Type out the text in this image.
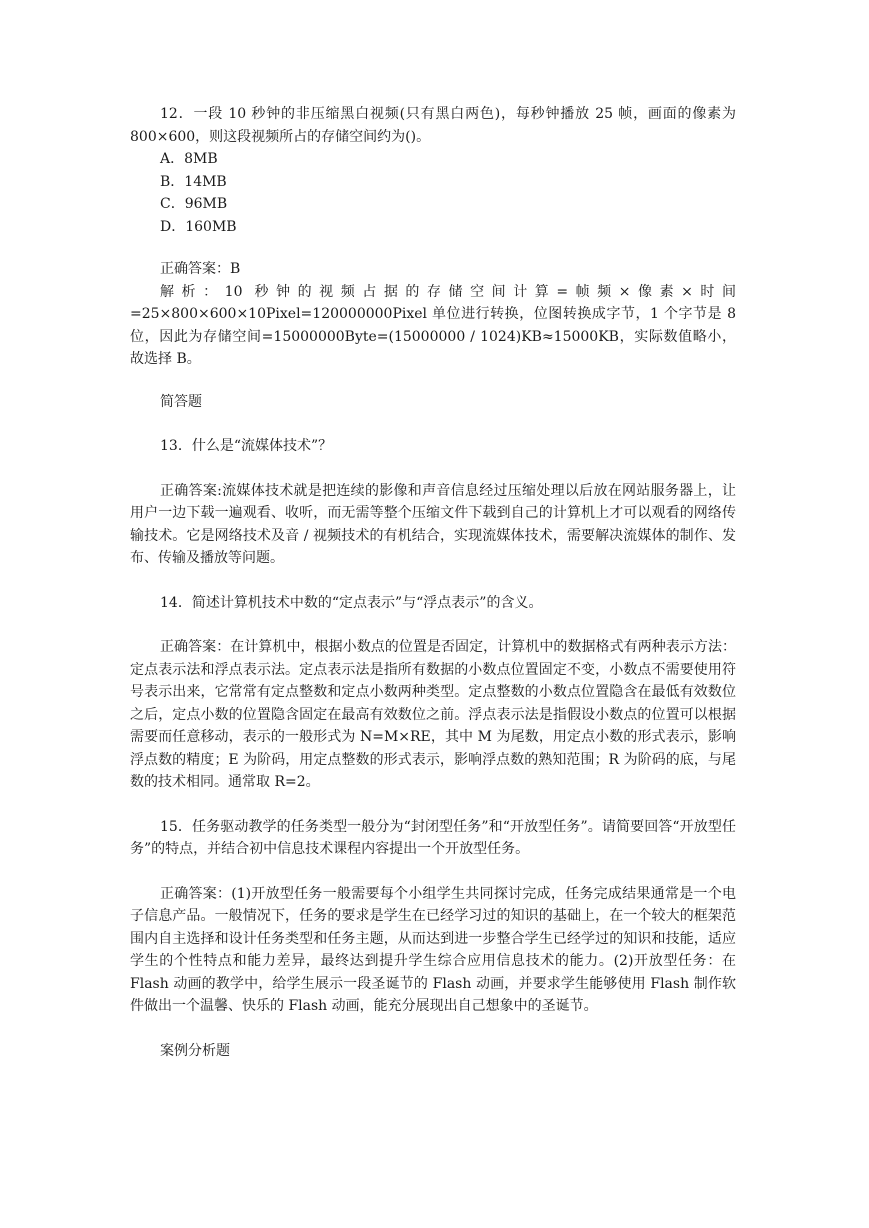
12．一段 10 秒钟的非压缩黑白视频(只有黑白两色)，每秒钟播放 25 帧，画面的像素为 800×600，则这段视频所占的存储空间约为()。

A．8MB

B．14MB

C．96MB

D．160MB

正确答案：B

解析：10 秒钟的视频占据的存储空间计算=帧频×像素×时间=25×800×600×10Pixel=120000000Pixel 单位进行转换，位图转换成字节，1 个字节是 8 位，因此为存储空间=15000000Byte=(15000000 / 1024)KB≈15000KB，实际数值略小，故选择 B。

简答题

13．什么是“流媒体技术”？

正确答案:流媒体技术就是把连续的影像和声音信息经过压缩处理以后放在网站服务器上，让用户一边下载一遍观看、收听，而无需等整个压缩文件下载到自己的计算机上才可以观看的网络传输技术。它是网络技术及音 / 视频技术的有机结合，实现流媒体技术，需要解决流媒体的制作、发布、传输及播放等问题。

14．简述计算机技术中数的“定点表示”与“浮点表示”的含义。

正确答案：在计算机中，根据小数点的位置是否固定，计算机中的数据格式有两种表示方法：定点表示法和浮点表示法。定点表示法是指所有数据的小数点位置固定不变，小数点不需要使用符号表示出来，它常常有定点整数和定点小数两种类型。定点整数的小数点位置隐含在最低有效数位之后，定点小数的位置隐含固定在最高有效数位之前。浮点表示法是指假设小数点的位置可以根据需要而任意移动，表示的一般形式为 N=M×RE，其中 M 为尾数，用定点小数的形式表示，影响浮点数的精度；E 为阶码，用定点整数的形式表示，影响浮点数的熟知范围；R 为阶码的底，与尾数的技术相同。通常取 R=2。

15．任务驱动教学的任务类型一般分为“封闭型任务”和“开放型任务”。请简要回答“开放型任务”的特点，并结合初中信息技术课程内容提出一个开放型任务。

正确答案：(1)开放型任务一般需要每个小组学生共同探讨完成，任务完成结果通常是一个电子信息产品。一般情况下，任务的要求是学生在已经学习过的知识的基础上，在一个较大的框架范围内自主选择和设计任务类型和任务主题，从而达到进一步整合学生已经学过的知识和技能，适应学生的个性特点和能力差异，最终达到提升学生综合应用信息技术的能力。(2)开放型任务：在 Flash 动画的教学中，给学生展示一段圣诞节的 Flash 动画，并要求学生能够使用 Flash 制作软件做出一个温馨、快乐的 Flash 动画，能充分展现出自己想象中的圣诞节。

案例分析题
